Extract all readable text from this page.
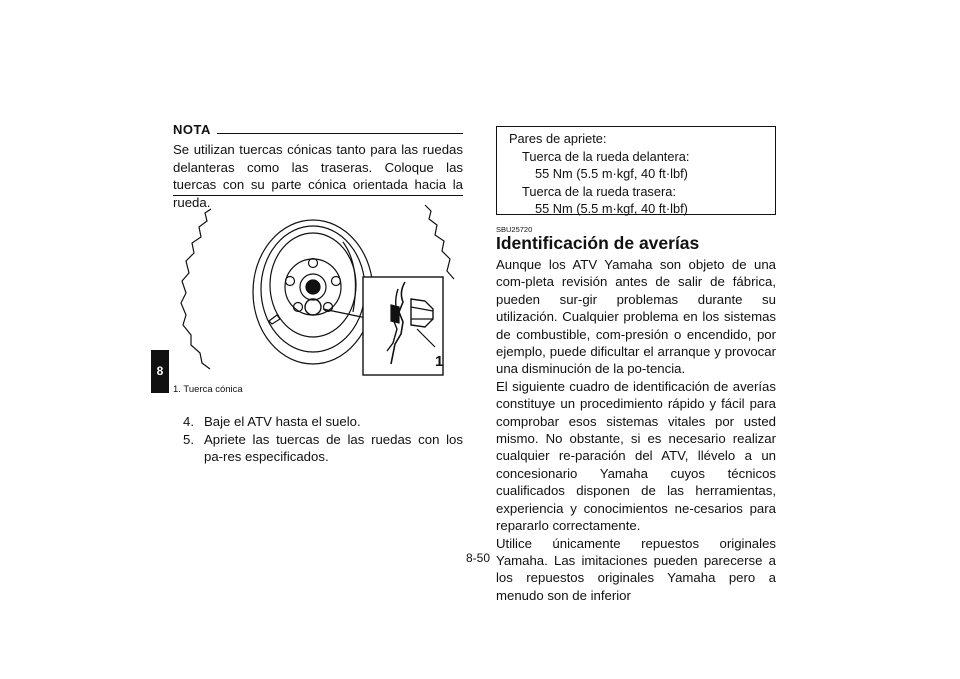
8
NOTA
Se utilizan tuercas cónicas tanto para las ruedas delanteras como las traseras. Coloque las tuercas con su parte cónica orientada hacia la rueda.
1
1. Tuerca cónica
4. Baje el ATV hasta el suelo.
5. Apriete las tuercas de las ruedas con los pa-res especificados.
Pares de apriete:
Tuerca de la rueda delantera:
55 Nm (5.5 m·kgf, 40 ft·lbf)
Tuerca de la rueda trasera:
55 Nm (5.5 m·kgf, 40 ft·lbf)
SBU25720
Identificación de averías

Aunque los ATV Yamaha son objeto de una com-pleta revisión antes de salir de fábrica, pueden sur-gir problemas durante su utilización. Cualquier problema en los sistemas de combustible, com-presión o encendido, por ejemplo, puede dificultar el arranque y provocar una disminución de la po-tencia.

El siguiente cuadro de identificación de averías constituye un procedimiento rápido y fácil para comprobar esos sistemas vitales por usted mismo. No obstante, si es necesario realizar cualquier re-paración del ATV, llévelo a un concesionario Yamaha cuyos técnicos cualificados disponen de las herramientas, experiencia y conocimientos ne-cesarios para repararlo correctamente.

Utilice únicamente repuestos originales Yamaha. Las imitaciones pueden parecerse a los repuestos originales Yamaha pero a menudo son de inferior

8-50
